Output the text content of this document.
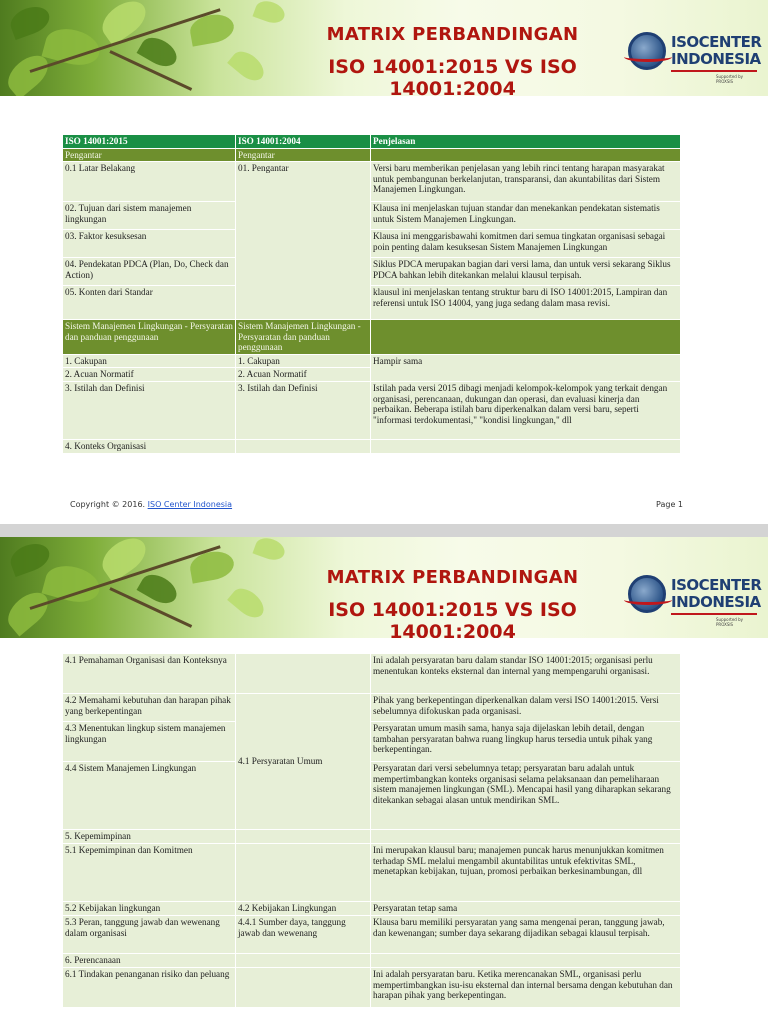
MATRIX PERBANDINGAN
ISO 14001:2015 VS ISO 14001:2004
ISOCENTER
INDONESIA
Supported by PROXSIS
ISO 14001:2015	ISO 14001:2004	Penjelasan
Pengantar	Pengantar	
0.1 Latar Belakang	01. Pengantar	Versi baru memberikan penjelasan yang lebih rinci tentang harapan masyarakat untuk pembangunan berkelanjutan, transparansi, dan akuntabilitas dari Sistem Manajemen Lingkungan.
02. Tujuan dari sistem manajemen lingkungan		Klausa ini menjelaskan tujuan standar dan menekankan pendekatan sistematis untuk Sistem Manajemen Lingkungan.
03. Faktor kesuksesan		Klausa ini menggarisbawahi komitmen dari semua tingkatan organisasi sebagai poin penting dalam kesuksesan Sistem Manajemen Lingkungan
04. Pendekatan PDCA (Plan, Do, Check dan Action)		Siklus PDCA merupakan bagian dari versi lama, dan untuk versi sekarang Siklus PDCA bahkan lebih ditekankan melalui klausul terpisah.
05. Konten dari Standar		klausul ini menjelaskan tentang struktur baru di ISO 14001:2015, Lampiran dan referensi untuk ISO 14004, yang juga sedang dalam masa revisi.
Sistem Manajemen Lingkungan - Persyaratan dan panduan penggunaan	Sistem Manajemen Lingkungan - Persyaratan dan panduan penggunaan	
1. Cakupan	1. Cakupan	Hampir sama
2. Acuan Normatif	2. Acuan Normatif	
3. Istilah dan Definisi	3. Istilah dan Definisi	Istilah pada versi 2015 dibagi menjadi kelompok-kelompok yang terkait dengan organisasi, perencanaan, dukungan dan operasi, dan evaluasi kinerja dan perbaikan. Beberapa istilah baru diperkenalkan dalam versi baru, seperti "informasi terdokumentasi," "kondisi lingkungan," dll
4. Konteks Organisasi		
Copyright © 2016. ISO Center Indonesia	Page 1
MATRIX PERBANDINGAN
ISO 14001:2015 VS ISO 14001:2004
ISOCENTER
INDONESIA
Supported by PROXSIS
4.1 Pemahaman Organisasi dan Konteksnya		Ini adalah persyaratan baru dalam standar ISO 14001:2015; organisasi perlu menentukan konteks eksternal dan internal yang mempengaruhi organisasi.
4.2 Memahami kebutuhan dan harapan pihak yang berkepentingan	4.1 Persyaratan Umum	Pihak yang berkepentingan diperkenalkan dalam versi ISO 14001:2015. Versi sebelumnya difokuskan pada organisasi.
4.3 Menentukan lingkup sistem manajemen lingkungan		Persyaratan umum masih sama, hanya saja dijelaskan lebih detail, dengan tambahan persyaratan bahwa ruang lingkup harus tersedia untuk pihak yang berkepentingan.
4.4 Sistem Manajemen Lingkungan		Persyaratan dari versi sebelumnya tetap; persyaratan baru adalah untuk mempertimbangkan konteks organisasi selama pelaksanaan dan pemeliharaan sistem manajemen lingkungan (SML). Mencapai hasil yang diharapkan sekarang ditekankan sebagai alasan untuk mendirikan SML.
5. Kepemimpinan		
5.1 Kepemimpinan dan Komitmen		Ini merupakan klausul baru; manajemen puncak harus menunjukkan komitmen terhadap SML melalui mengambil akuntabilitas untuk efektivitas SML, menetapkan kebijakan, tujuan, promosi perbaikan berkesinambungan, dll
5.2 Kebijakan lingkungan	4.2 Kebijakan Lingkungan	Persyaratan tetap sama
5.3 Peran, tanggung jawab dan wewenang dalam organisasi	4.4.1 Sumber daya, tanggung jawab dan wewenang	Klausa baru memiliki persyaratan yang sama mengenai peran, tanggung jawab, dan kewenangan; sumber daya sekarang dijadikan sebagai klausul terpisah.
6. Perencanaan		
6.1 Tindakan penanganan risiko dan peluang		Ini adalah persyaratan baru. Ketika merencanakan SML, organisasi perlu mempertimbangkan isu-isu eksternal dan internal bersama dengan kebutuhan dan harapan pihak yang berkepentingan.
